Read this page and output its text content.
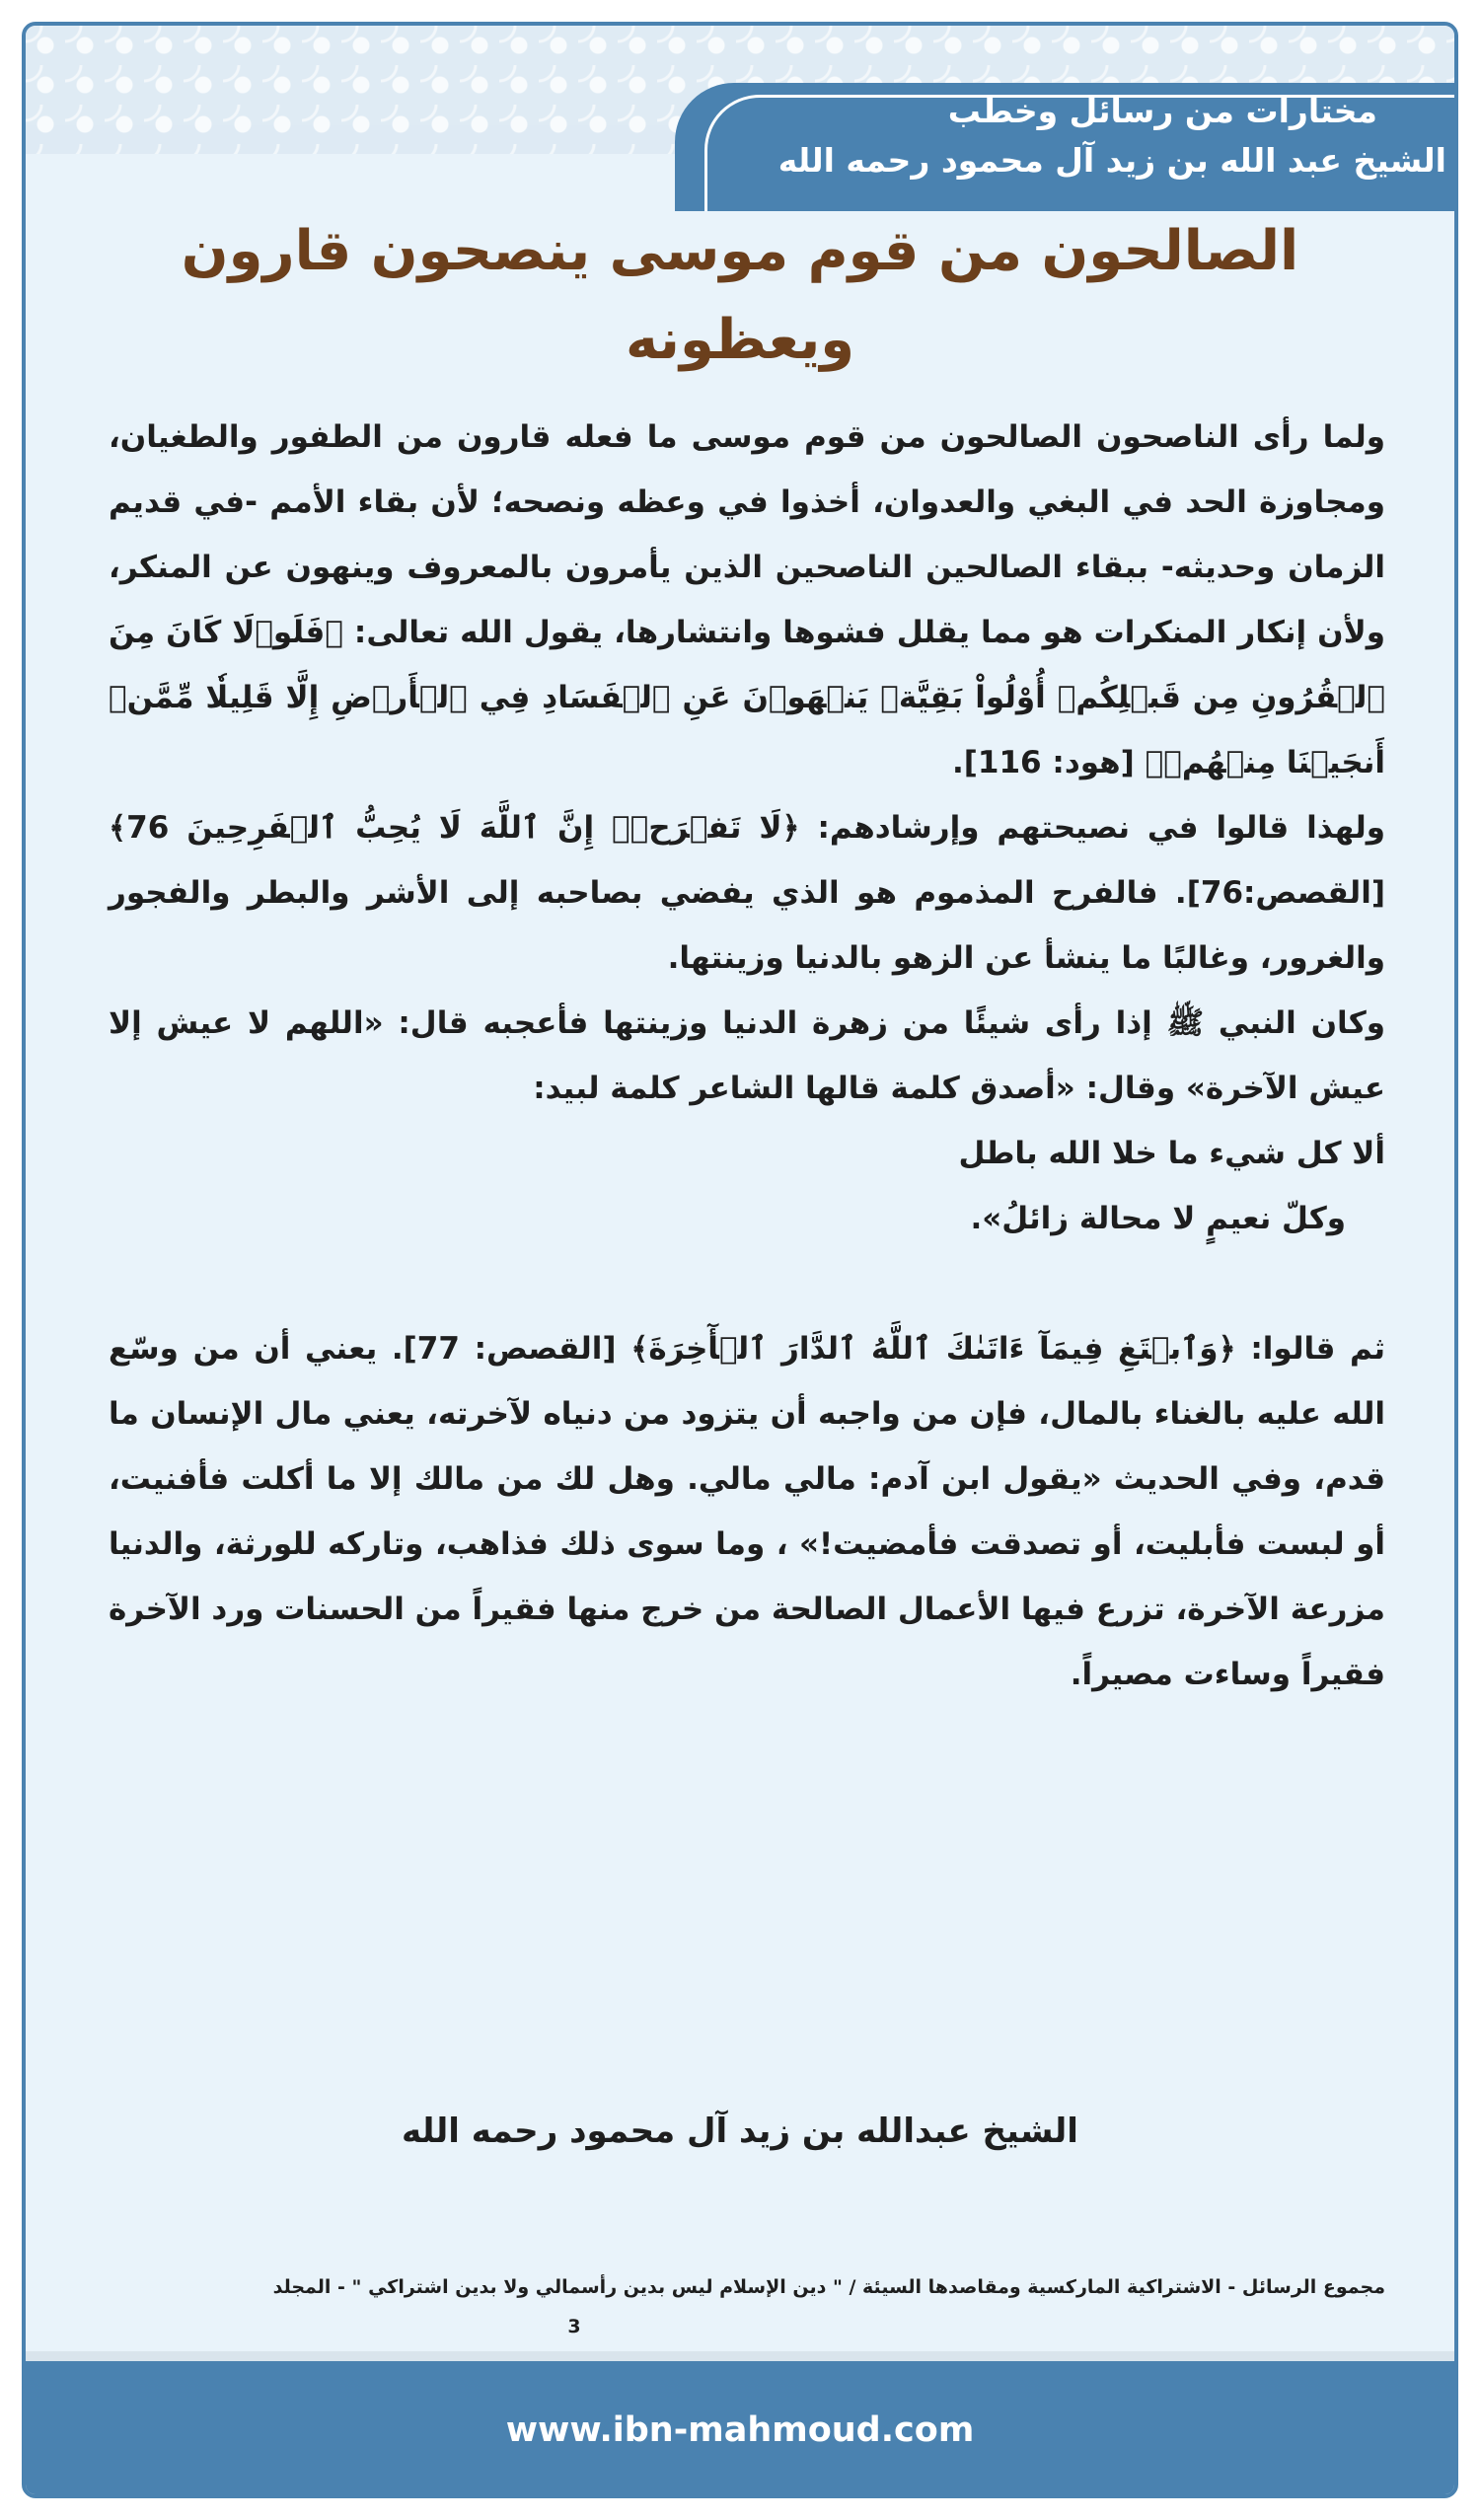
مختارات من رسائل وخطب
الشيخ عبد الله بن زيد آل محمود رحمه الله
الصالحون من قوم موسى ينصحون قارون ويعظونه

ولما رأى الناصحون الصالحون من قوم موسى ما فعله قارون من الطفور والطغيان، ومجاوزة الحد في البغي والعدوان، أخذوا في وعظه ونصحه؛ لأن بقاء الأمم -في قديم الزمان وحديثه- ببقاء الصالحين الناصحين الذين يأمرون بالمعروف وينهون عن المنكر، ولأن إنكار المنكرات هو مما يقلل فشوها وانتشارها، يقول الله تعالى: ﴿فَلَوۡلَا كَانَ مِنَ ٱلۡقُرُونِ مِن قَبۡلِكُمۡ أُوْلُواْ بَقِيَّةٖ يَنۡهَوۡنَ عَنِ ٱلۡفَسَادِ فِي ٱلۡأَرۡضِ إِلَّا قَلِيلٗا مِّمَّنۡ أَنجَيۡنَا مِنۡهُمۡ﴾ [هود: 116].

ولهذا قالوا في نصيحتهم وإرشادهم: ﴿لَا تَفۡرَحۡۖ إِنَّ ٱللَّهَ لَا يُحِبُّ ٱلۡفَرِحِينَ 76﴾ [القصص:76]. فالفرح المذموم هو الذي يفضي بصاحبه إلى الأشر والبطر والفجور والغرور، وغالبًا ما ينشأ عن الزهو بالدنيا وزينتها.

وكان النبي ﷺ إذا رأى شيئًا من زهرة الدنيا وزينتها فأعجبه قال: «اللهم لا عيش إلا عيش الآخرة» وقال: «أصدق كلمة قالها الشاعر كلمة لبيد:

ألا كل شيء ما خلا الله باطل

وكلّ نعيمٍ لا محالة زائلُ».

ثم قالوا: ﴿وَٱبۡتَغِ فِيمَآ ءَاتَىٰكَ ٱللَّهُ ٱلدَّارَ ٱلۡأٓخِرَةَ﴾ [القصص: 77]. يعني أن من وسّع الله عليه بالغناء بالمال، فإن من واجبه أن يتزود من دنياه لآخرته، يعني مال الإنسان ما قدم، وفي الحديث «يقول ابن آدم: مالي مالي. وهل لك من مالك إلا ما أكلت فأفنيت، أو لبست فأبليت، أو تصدقت فأمضيت!» ، وما سوى ذلك فذاهب، وتاركه للورثة، والدنيا مزرعة الآخرة، تزرع فيها الأعمال الصالحة من خرج منها فقيراً من الحسنات ورد الآخرة فقيراً وساءت مصيراً.

الشيخ عبدالله بن زيد آل محمود رحمه الله
مجموع الرسائل - الاشتراكية الماركسية ومقاصدها السيئة / " دين الإسلام ليس بدين رأسمالي ولا بدين اشتراكي " - المجلد
3
www.ibn-mahmoud.com
